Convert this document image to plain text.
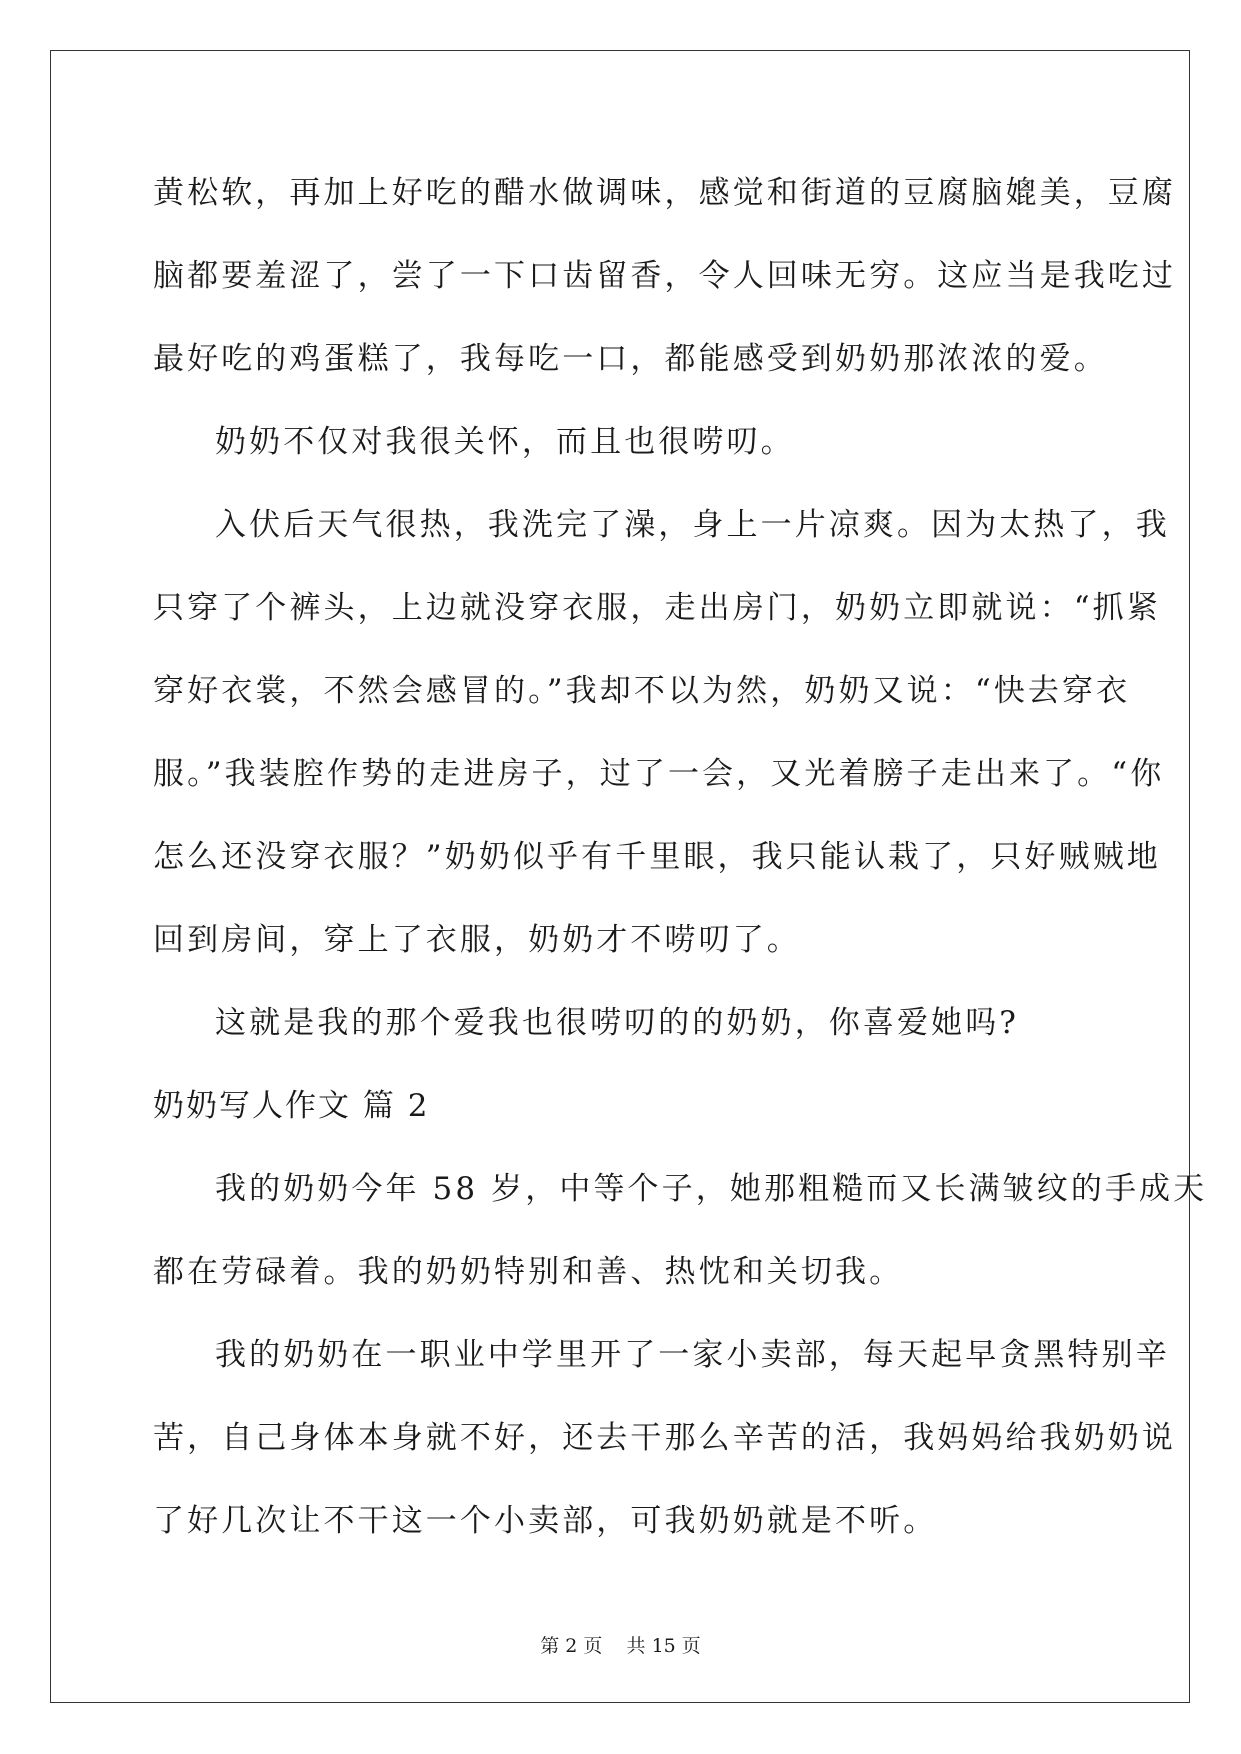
黄松软，再加上好吃的醋水做调味，感觉和街道的豆腐脑媲美，豆腐
脑都要羞涩了，尝了一下口齿留香，令人回味无穷。这应当是我吃过
最好吃的鸡蛋糕了，我每吃一口，都能感受到奶奶那浓浓的爱。
奶奶不仅对我很关怀，而且也很唠叨。
入伏后天气很热，我洗完了澡，身上一片凉爽。因为太热了，我
只穿了个裤头，上边就没穿衣服，走出房门，奶奶立即就说：“抓紧
穿好衣裳，不然会感冒的。”我却不以为然，奶奶又说：“快去穿衣
服。”我装腔作势的走进房子，过了一会，又光着膀子走出来了。“你
怎么还没穿衣服？”奶奶似乎有千里眼，我只能认栽了，只好贼贼地
回到房间，穿上了衣服，奶奶才不唠叨了。
这就是我的那个爱我也很唠叨的的奶奶，你喜爱她吗?
奶奶写人作文 篇 2
我的奶奶今年 58 岁，中等个子，她那粗糙而又长满皱纹的手成天
都在劳碌着。我的奶奶特别和善、热忱和关切我。
我的奶奶在一职业中学里开了一家小卖部，每天起早贪黑特别辛
苦，自己身体本身就不好，还去干那么辛苦的活，我妈妈给我奶奶说
了好几次让不干这一个小卖部，可我奶奶就是不听。
第 2 页    共 15 页
